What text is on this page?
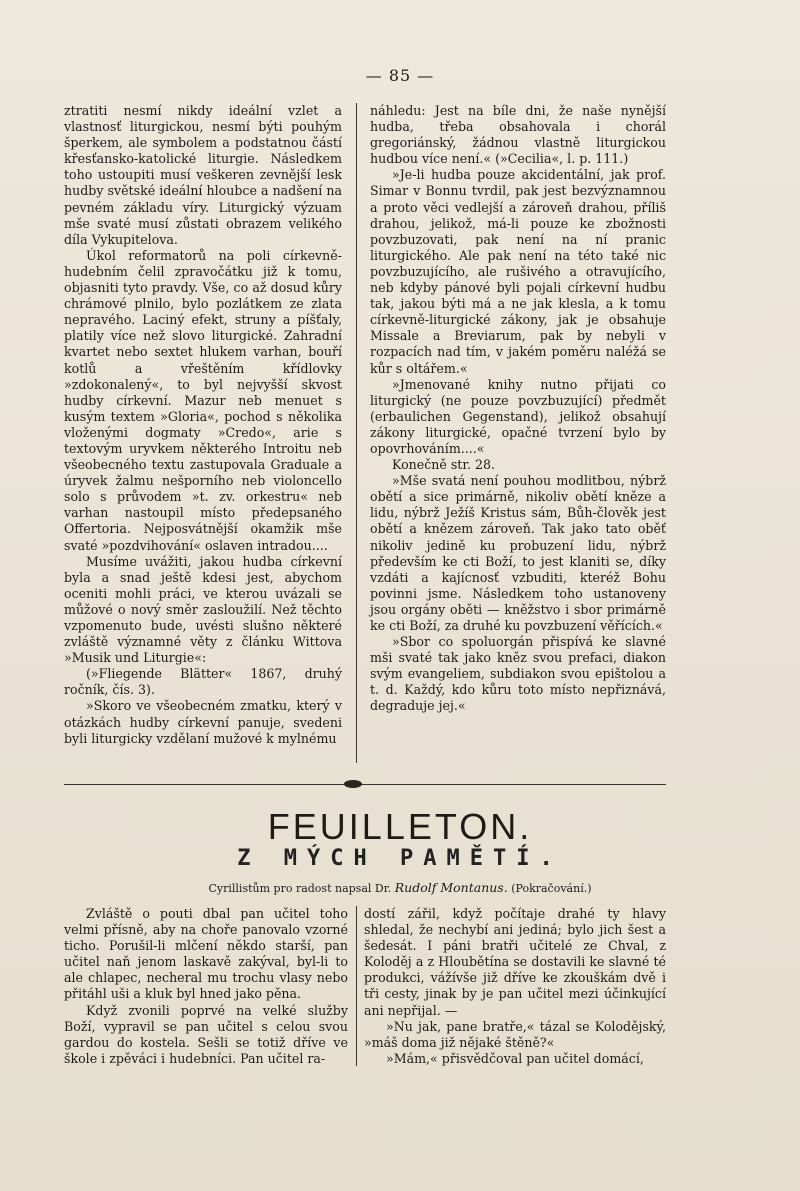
— 85 —

ztratiti nesmí nikdy ideální vzlet a vlastnosť liturgickou, nesmí býti pouhým šperkem, ale symbolem a podstatnou částí křesťansko-katolické liturgie. Následkem toho ustoupiti musí veškeren zevnější lesk hudby světské ideální hloubce a nadšení na pevném základu víry. Liturgický výzuam mše svaté musí zůstati obrazem velikého díla Vykupitelova.

Úkol reformatorů na poli církevně-hudebním čelil zpravočátku již k tomu, objasniti tyto pravdy. Vše, co až dosud kůry chrámové plnilo, bylo pozlátkem ze zlata nepravého. Laciný efekt, struny a píšťaly, platily více než slovo liturgické. Zahradní kvartet nebo sextet hlukem varhan, bouří kotlů a vřeštěním křídlovky »zdokonalený«, to byl nejvyšší skvost hudby církevní. Mazur neb menuet s kusým textem »Gloria«, pochod s několika vloženými dogmaty »Credo«, arie s textovým uryvkem některého Introitu neb všeobecného textu zastupovala Graduale a úryvek žalmu nešporního neb violoncello solo s průvodem »t. zv. orkestru« neb varhan nastoupil místo předepsaného Offertoria. Nejposvátnější okamžik mše svaté »pozdvihování« oslaven intradou....

Musíme uvážiti, jakou hudba církevní byla a snad ještě kdesi jest, abychom oceniti mohli práci, ve kterou uvázali se můžové o nový směr zasloužilí. Než těchto vzpomenuto bude, uvésti slušno některé zvláště významné věty z článku Wittova »Musik und Liturgie«:

(»Fliegende Blätter« 1867, druhý ročník, čís. 3).

»Skoro ve všeobecném zmatku, který v otázkách hudby církevní panuje, svedeni byli liturgicky vzdělaní mužové k mylnému

náhledu: Jest na bíle dni, že naše nynější hudba, třeba obsahovala i chorál gregoriánský, žádnou vlastně liturgickou hudbou více není.« (»Cecilia«, l. p. 111.)

»Je-li hudba pouze akcidentální, jak prof. Simar v Bonnu tvrdil, pak jest bezvýznamnou a proto věci vedlejší a zároveň drahou, příliš drahou, jelikož, má-li pouze ke zbožnosti povzbuzovati, pak není na ní pranic liturgického. Ale pak není na této také nic povzbuzujícího, ale rušivého a otravujícího, neb kdyby pánové byli pojali církevní hudbu tak, jakou býti má a ne jak klesla, a k tomu církevně-liturgické zákony, jak je obsahuje Missale a Breviarum, pak by nebyli v rozpacích nad tím, v jakém poměru naléžá se kůr s oltářem.«

»Jmenované knihy nutno přijati co liturgický (ne pouze povzbuzující) předmět (erbaulichen Gegenstand), jelikož obsahují zákony liturgické, opačné tvrzení bylo by opovrhováním....«

Konečně str. 28.

»Mše svatá není pouhou modlitbou, nýbrž obětí a sice primárně, nikoliv obětí kněze a lidu, nýbrž Ježíš Kristus sám, Bůh-člověk jest obětí a knězem zároveň. Tak jako tato oběť nikoliv jedině ku probuzení lidu, nýbrž především ke cti Boží, to jest klaniti se, díky vzdáti a kajícnosť vzbuditi, kteréž Bohu povinni jsme. Následkem toho ustanoveny jsou orgány oběti — kněžstvo i sbor primárně ke cti Boží, za druhé ku povzbuzení věřících.«

»Sbor co spoluorgán přispívá ke slavné mši svaté tak jako kněz svou prefaci, diakon svým evangeliem, subdiakon svou epištolou a t. d. Každý, kdo kůru toto místo nepřiznává, degraduje jej.«

FEUILLETON.
Z MÝCH PAMĚTÍ.
Cyrillistům pro radost napsal Dr. Rudolf Montanus. (Pokračování.)

Zvláště o pouti dbal pan učitel toho velmi přísně, aby na choře panovalo vzorné ticho. Porušil-li mlčení někdo starší, pan učitel naň jenom laskavě zakýval, byl-li to ale chlapec, necheral mu trochu vlasy nebo přitáhl uši a kluk byl hned jako pěna.

Když zvonili poprvé na velké služby Boží, vypravil se pan učitel s celou svou gardou do kostela. Sešli se totiž dříve ve škole i zpěváci i hudebníci. Pan učitel ra-

dostí zářil, když počítaje drahé ty hlavy shledal, že nechybí ani jediná; bylo jich šest a šedesát. I páni bratři učitelé ze Chval, z Koloděj a z Hloubětína se dostavili ke slavné té produkci, vážívše již dříve ke zkouškám dvě i tři cesty, jinak by je pan učitel mezi účinkující ani nepřijal. —

»Nu jak, pane bratře,« tázal se Kolodějský, »máš doma již nějaké štěně?«

»Mám,« přisvědčoval pan učitel domácí,
